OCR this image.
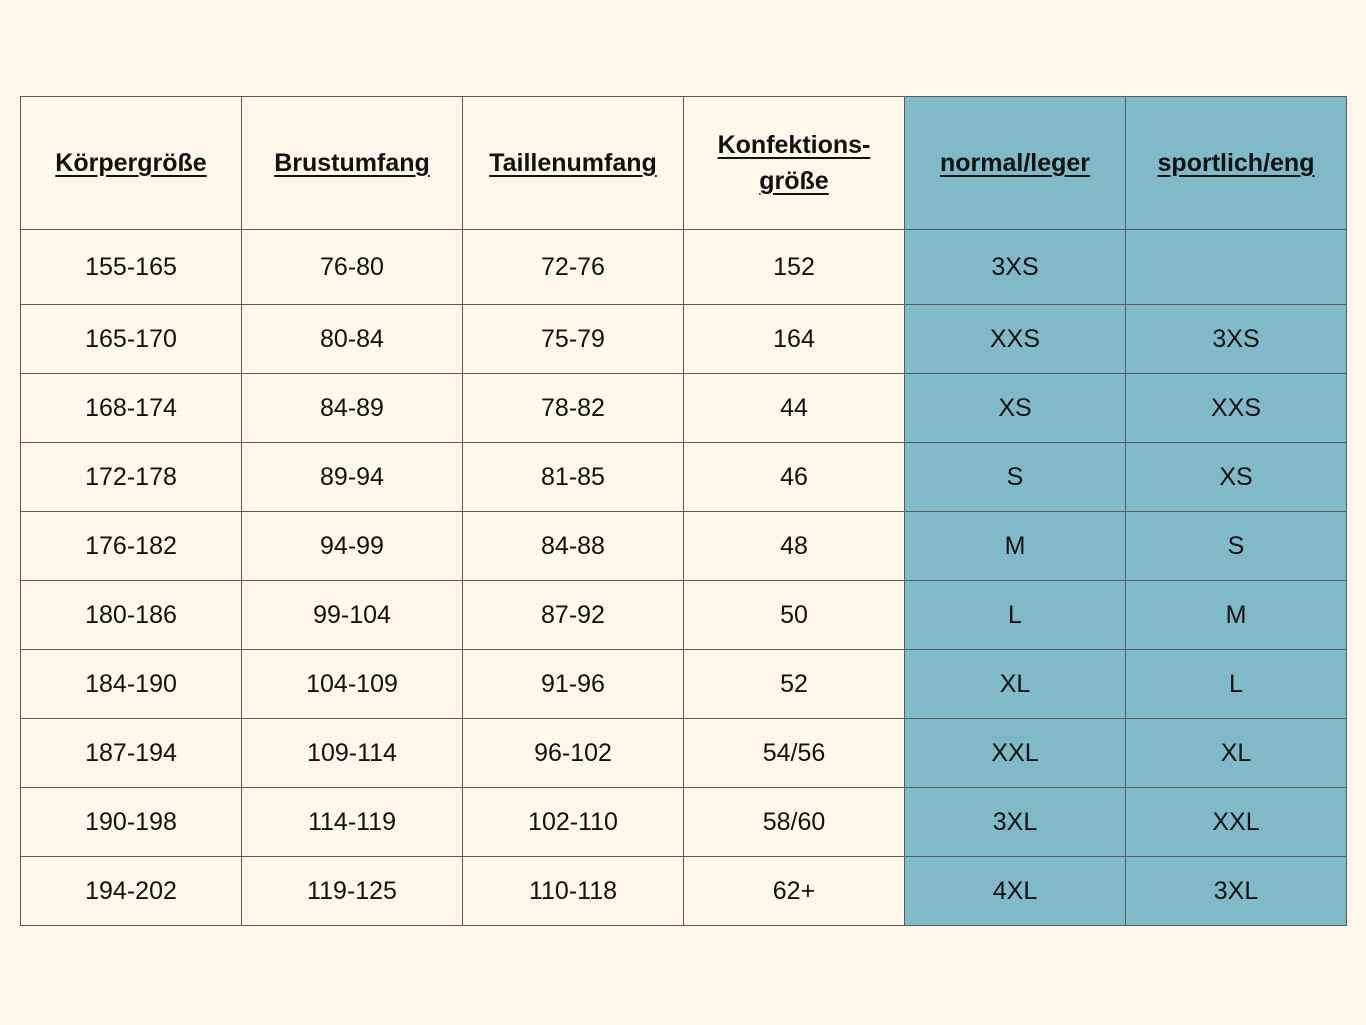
Körpergröße	Brustumfang	Taillenumfang	Konfektions-
größe	normal/leger	sportlich/eng

155-165	76-80	72-76	152	3XS	
165-170	80-84	75-79	164	XXS	3XS
168-174	84-89	78-82	44	XS	XXS
172-178	89-94	81-85	46	S	XS
176-182	94-99	84-88	48	M	S
180-186	99-104	87-92	50	L	M
184-190	104-109	91-96	52	XL	L
187-194	109-114	96-102	54/56	XXL	XL
190-198	114-119	102-110	58/60	3XL	XXL
194-202	119-125	110-118	62+	4XL	3XL
